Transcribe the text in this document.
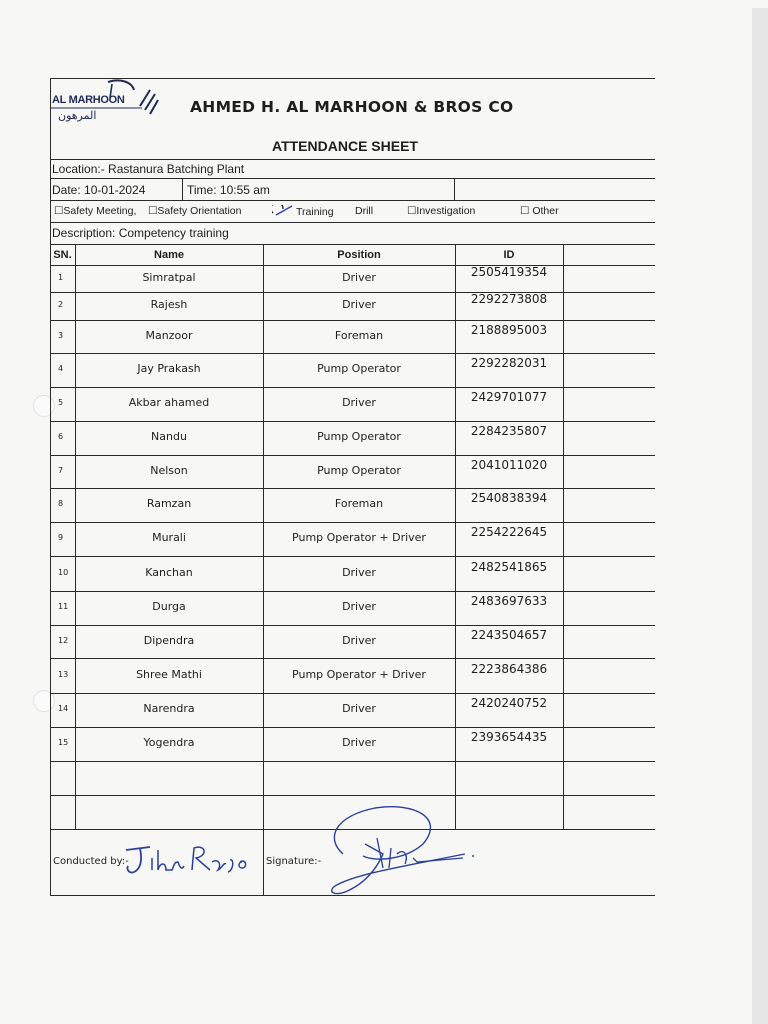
AL MARHOON
المرهون	AHMED H. AL MARHOON & BROS CO
ATTENDANCE SHEET
Location:- Rastanura Batching Plant
Date: 10-01-2024	Time: 10:55 am
☐Safety Meeting, ☐Safety Orientation	Training Drill	☐Investigation	☐ Other
Description: Competency training
SN.	Name	Position	ID
1	Simratpal	Driver	2505419354
2	Rajesh	Driver	2292273808
3	Manzoor	Foreman	2188895003
4	Jay Prakash	Pump Operator	2292282031
5	Akbar ahamed	Driver	2429701077
6	Nandu	Pump Operator	2284235807
7	Nelson	Pump Operator	2041011020
8	Ramzan	Foreman	2540838394
9	Murali	Pump Operator + Driver	2254222645
10	Kanchan	Driver	2482541865
11	Durga	Driver	2483697633
12	Dipendra	Driver	2243504657
13	Shree Mathi	Pump Operator + Driver	2223864386
14	Narendra	Driver	2420240752
15	Yogendra	Driver	2393654435
Conducted by:-	Signature:-
